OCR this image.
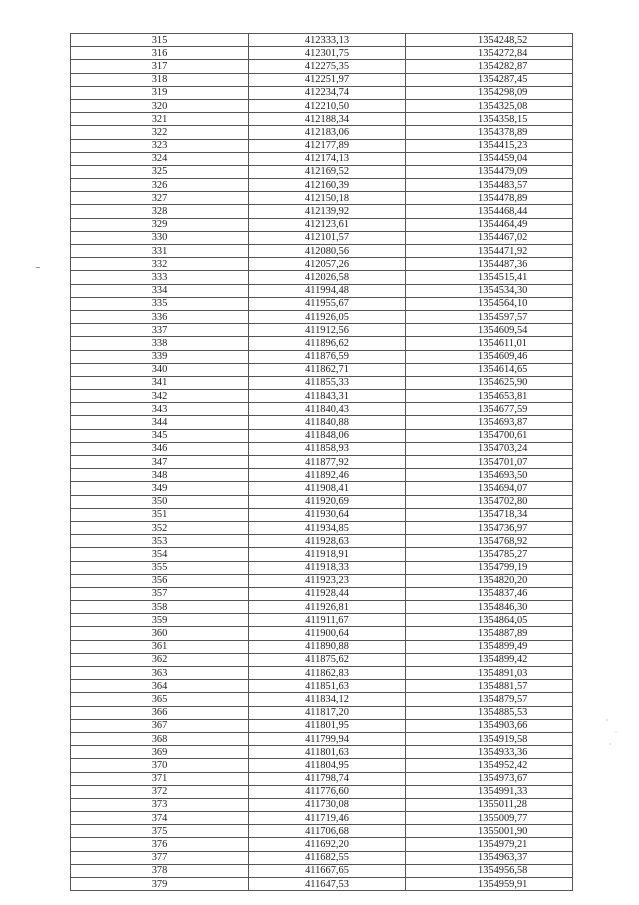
315	412333,13	1354248,52
316	412301,75	1354272,84
317	412275,35	1354282,87
318	412251,97	1354287,45
319	412234,74	1354298,09
320	412210,50	1354325,08
321	412188,34	1354358,15
322	412183,06	1354378,89
323	412177,89	1354415,23
324	412174,13	1354459,04
325	412169,52	1354479,09
326	412160,39	1354483,57
327	412150,18	1354478,89
328	412139,92	1354468,44
329	412123,61	1354464,49
330	412101,57	1354467,02
331	412080,56	1354471,92
332	412057,26	1354487,36
333	412026,58	1354515,41
334	411994,48	1354534,30
335	411955,67	1354564,10
336	411926,05	1354597,57
337	411912,56	1354609,54
338	411896,62	1354611,01
339	411876,59	1354609,46
340	411862,71	1354614,65
341	411855,33	1354625,90
342	411843,31	1354653,81
343	411840,43	1354677,59
344	411840,88	1354693,87
345	411848,06	1354700,61
346	411858,93	1354703,24
347	411877,92	1354701,07
348	411892,46	1354693,50
349	411908,41	1354694,07
350	411920,69	1354702,80
351	411930,64	1354718,34
352	411934,85	1354736,97
353	411928,63	1354768,92
354	411918,91	1354785,27
355	411918,33	1354799,19
356	411923,23	1354820,20
357	411928,44	1354837,46
358	411926,81	1354846,30
359	411911,67	1354864,05
360	411900,64	1354887,89
361	411890,88	1354899,49
362	411875,62	1354899,42
363	411862,83	1354891,03
364	411851,63	1354881,57
365	411834,12	1354879,57
366	411817,20	1354885,53
367	411801,95	1354903,66
368	411799,94	1354919,58
369	411801,63	1354933,36
370	411804,95	1354952,42
371	411798,74	1354973,67
372	411776,60	1354991,33
373	411730,08	1355011,28
374	411719,46	1355009,77
375	411706,68	1355001,90
376	411692,20	1354979,21
377	411682,55	1354963,37
378	411667,65	1354956,58
379	411647,53	1354959,91
